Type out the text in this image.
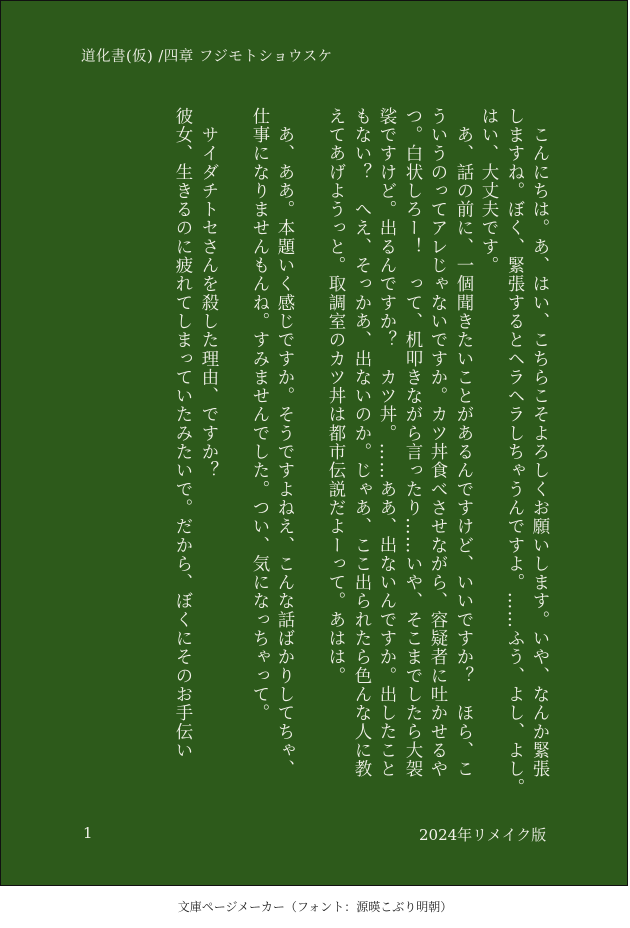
道化書(仮) /四章 フジモトショウスケ
　こんにちは。あ、はい、こちらこそよろしくお願いします。いや、なんか緊張
しますね。ぼく、緊張するとヘラヘラしちゃうんですよ。……ふう、よし、よし。
はい、大丈夫です。
　あ、話の前に、一個聞きたいことがあるんですけど、いいですか？　ほら、こ
ういうのってアレじゃないですか。カツ丼食べさせながら、容疑者に吐かせるや
つ。白状しろー！　って、机叩きながら言ったり……いや、そこまでしたら大袈
裟ですけど。出るんですか？　カツ丼。……ああ、出ないんですか。出したこと
もない？　へえ、そっかあ、出ないのか。じゃあ、ここ出られたら色んな人に教
えてあげようっと。取調室のカツ丼は都市伝説だよーって。あはは。
　あ、ああ。本題いく感じですか。そうですよねえ、こんな話ばかりしてちゃ、
仕事になりませんもんね。すみませんでした。つい、気になっちゃって。
　サイダチトセさんを殺した理由、ですか？
彼女、生きるのに疲れてしまっていたみたいで。だから、ぼくにそのお手伝い
1	2024年リメイク版
文庫ページメーカー（フォント：源暎こぶり明朝）
